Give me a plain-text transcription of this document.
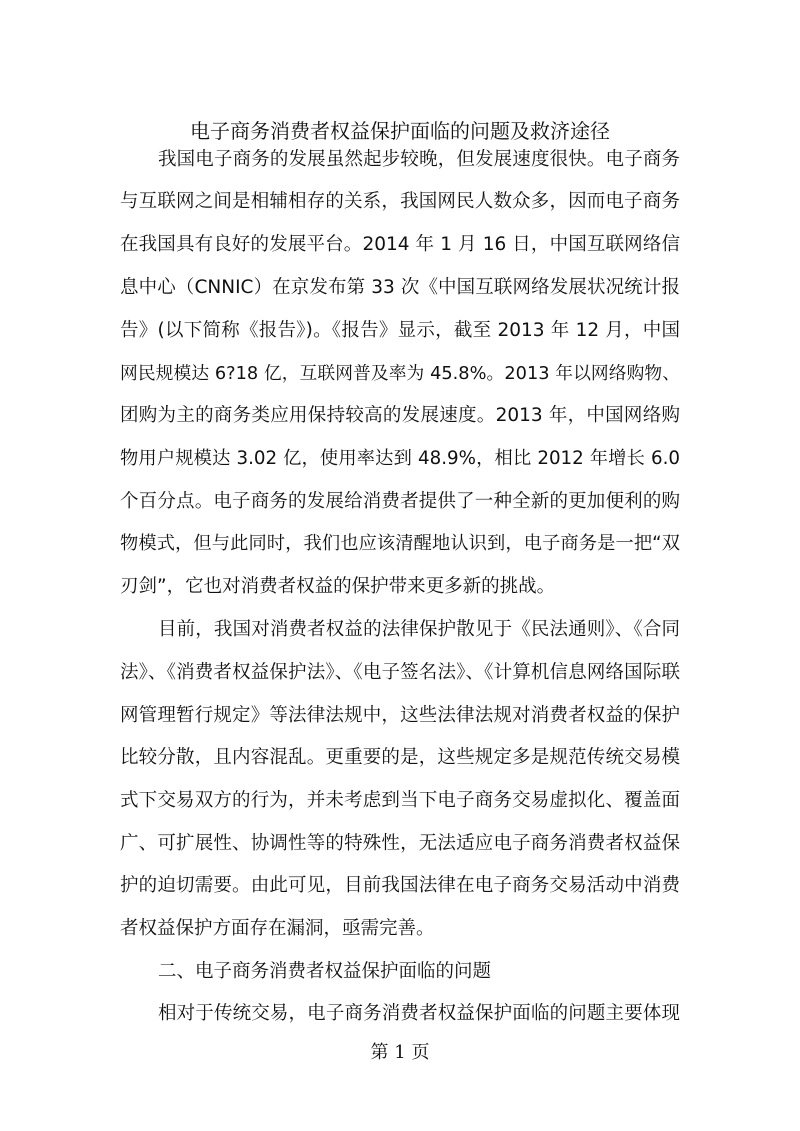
电子商务消费者权益保护面临的问题及救济途径
我国电子商务的发展虽然起步较晚，但发展速度很快。电子商务
与互联网之间是相辅相存的关系，我国网民人数众多，因而电子商务
在我国具有良好的发展平台。2014 年 1 月 16 日，中国互联网络信
息中心（CNNIC）在京发布第 33 次《中国互联网络发展状况统计报
告》(以下简称《报告》)。《报告》显示，截至 2013 年 12 月，中国
网民规模达 6?18 亿，互联网普及率为 45.8%。2013 年以网络购物、
团购为主的商务类应用保持较高的发展速度。2013 年，中国网络购
物用户规模达 3.02 亿，使用率达到 48.9%，相比 2012 年增长 6.0
个百分点。电子商务的发展给消费者提供了一种全新的更加便利的购
物模式，但与此同时，我们也应该清醒地认识到，电子商务是一把“双
刃剑”，它也对消费者权益的保护带来更多新的挑战。
目前，我国对消费者权益的法律保护散见于《民法通则》、《合同
法》、《消费者权益保护法》、《电子签名法》、《计算机信息网络国际联
网管理暂行规定》等法律法规中，这些法律法规对消费者权益的保护
比较分散，且内容混乱。更重要的是，这些规定多是规范传统交易模
式下交易双方的行为，并未考虑到当下电子商务交易虚拟化、覆盖面
广、可扩展性、协调性等的特殊性，无法适应电子商务消费者权益保
护的迫切需要。由此可见，目前我国法律在电子商务交易活动中消费
者权益保护方面存在漏洞，亟需完善。
二、电子商务消费者权益保护面临的问题
相对于传统交易，电子商务消费者权益保护面临的问题主要体现
第 1 页
